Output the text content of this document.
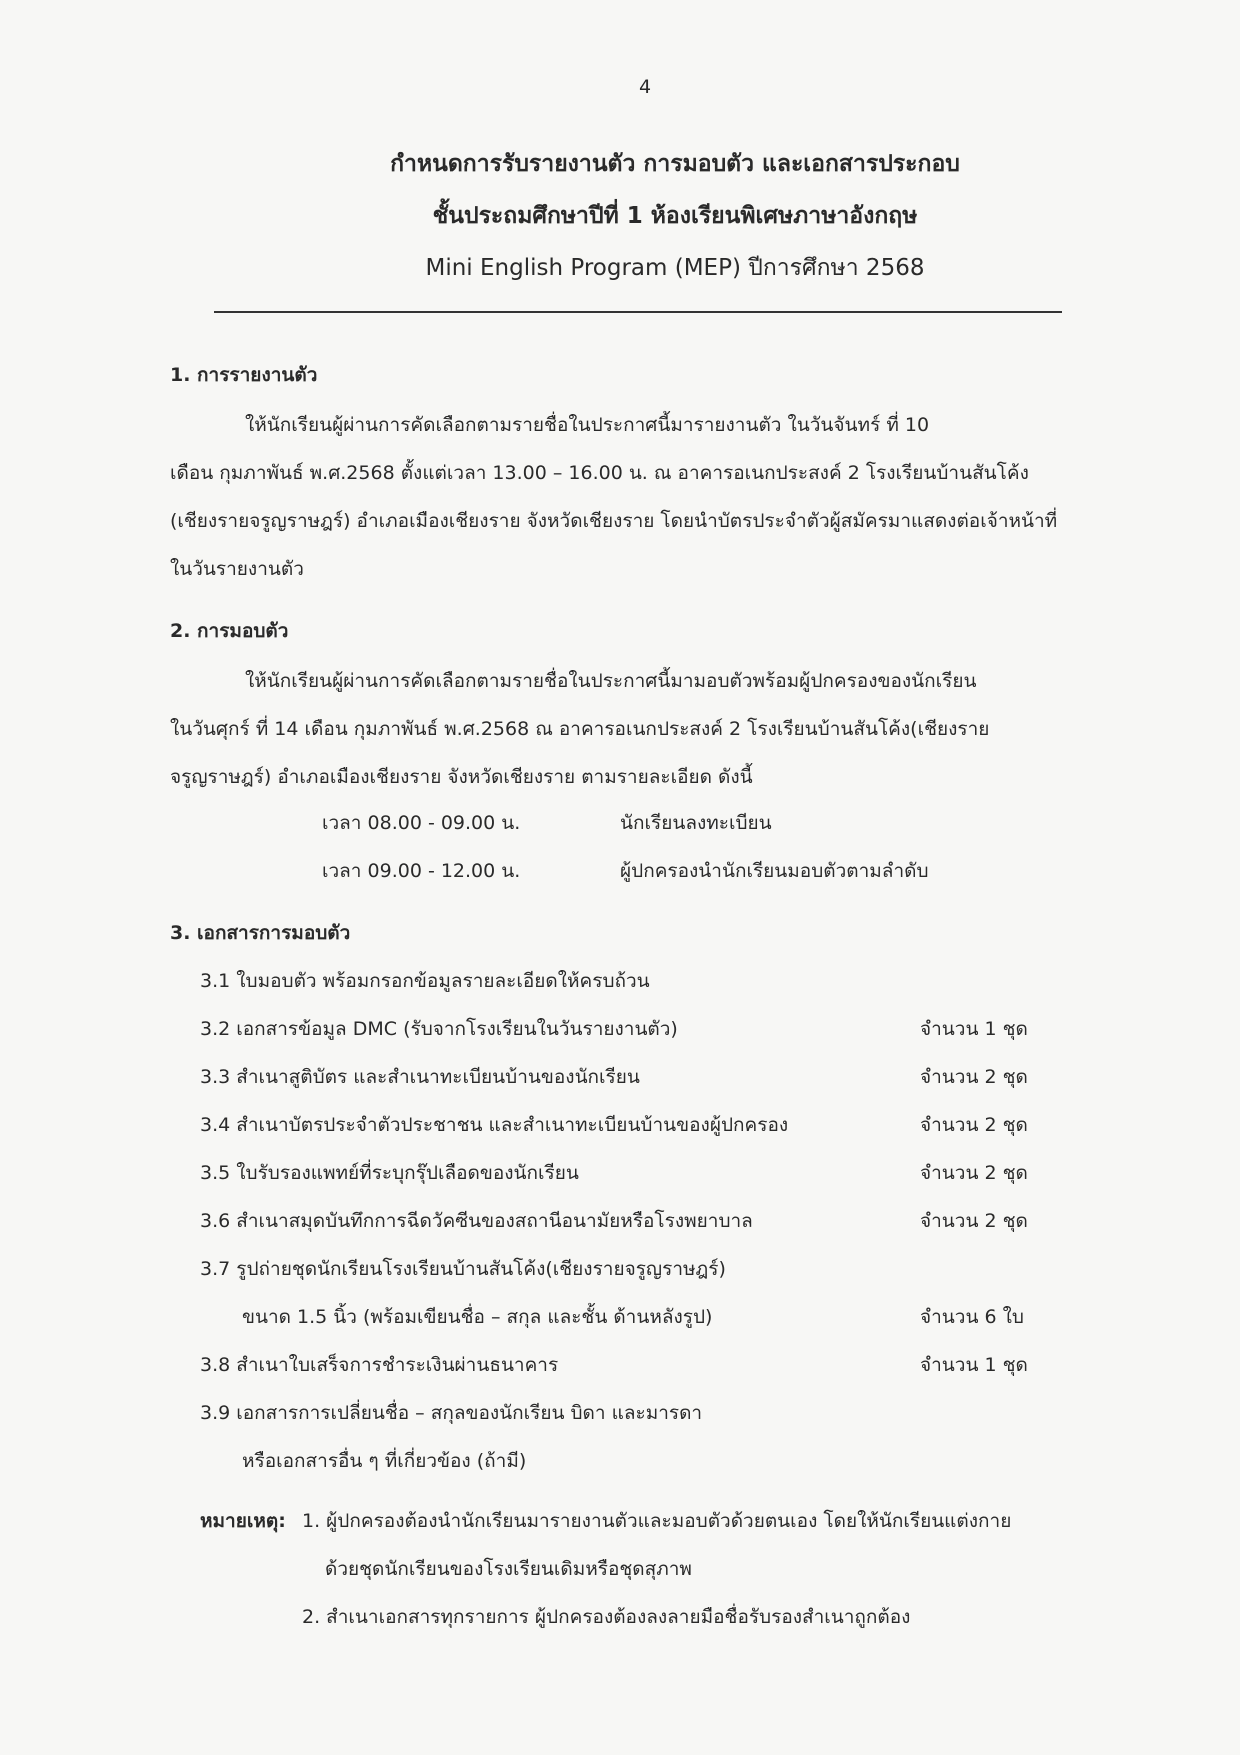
4
กำหนดการรับรายงานตัว การมอบตัว และเอกสารประกอบ
ชั้นประถมศึกษาปีที่ 1 ห้องเรียนพิเศษภาษาอังกฤษ
Mini English Program (MEP) ปีการศึกษา 2568
1. การรายงานตัว
ให้นักเรียนผู้ผ่านการคัดเลือกตามรายชื่อในประกาศนี้มารายงานตัว ในวันจันทร์ ที่ 10
เดือน กุมภาพันธ์ พ.ศ.2568 ตั้งแต่เวลา 13.00 – 16.00 น. ณ อาคารอเนกประสงค์ 2 โรงเรียนบ้านสันโค้ง
(เชียงรายจรูญราษฎร์) อำเภอเมืองเชียงราย จังหวัดเชียงราย โดยนำบัตรประจำตัวผู้สมัครมาแสดงต่อเจ้าหน้าที่
ในวันรายงานตัว
2. การมอบตัว
ให้นักเรียนผู้ผ่านการคัดเลือกตามรายชื่อในประกาศนี้มามอบตัวพร้อมผู้ปกครองของนักเรียน
ในวันศุกร์ ที่ 14 เดือน กุมภาพันธ์ พ.ศ.2568 ณ อาคารอเนกประสงค์ 2 โรงเรียนบ้านสันโค้ง(เชียงราย
จรูญราษฎร์) อำเภอเมืองเชียงราย จังหวัดเชียงราย ตามรายละเอียด ดังนี้
เวลา 08.00 - 09.00 น.	นักเรียนลงทะเบียน
เวลา 09.00 - 12.00 น.	ผู้ปกครองนำนักเรียนมอบตัวตามลำดับ
3. เอกสารการมอบตัว
3.1 ใบมอบตัว พร้อมกรอกข้อมูลรายละเอียดให้ครบถ้วน
3.2 เอกสารข้อมูล DMC (รับจากโรงเรียนในวันรายงานตัว)	จำนวน 1 ชุด
3.3 สำเนาสูติบัตร และสำเนาทะเบียนบ้านของนักเรียน	จำนวน 2 ชุด
3.4 สำเนาบัตรประจำตัวประชาชน และสำเนาทะเบียนบ้านของผู้ปกครอง	จำนวน 2 ชุด
3.5 ใบรับรองแพทย์ที่ระบุกรุ๊ปเลือดของนักเรียน	จำนวน 2 ชุด
3.6 สำเนาสมุดบันทึกการฉีดวัคซีนของสถานีอนามัยหรือโรงพยาบาล	จำนวน 2 ชุด
3.7 รูปถ่ายชุดนักเรียนโรงเรียนบ้านสันโค้ง(เชียงรายจรูญราษฎร์)
ขนาด 1.5 นิ้ว (พร้อมเขียนชื่อ – สกุล และชั้น ด้านหลังรูป)	จำนวน 6 ใบ
3.8 สำเนาใบเสร็จการชำระเงินผ่านธนาคาร	จำนวน 1 ชุด
3.9 เอกสารการเปลี่ยนชื่อ – สกุลของนักเรียน บิดา และมารดา
หรือเอกสารอื่น ๆ ที่เกี่ยวข้อง (ถ้ามี)
หมายเหตุ: 1. ผู้ปกครองต้องนำนักเรียนมารายงานตัวและมอบตัวด้วยตนเอง โดยให้นักเรียนแต่งกาย
ด้วยชุดนักเรียนของโรงเรียนเดิมหรือชุดสุภาพ
2. สำเนาเอกสารทุกรายการ ผู้ปกครองต้องลงลายมือชื่อรับรองสำเนาถูกต้อง
